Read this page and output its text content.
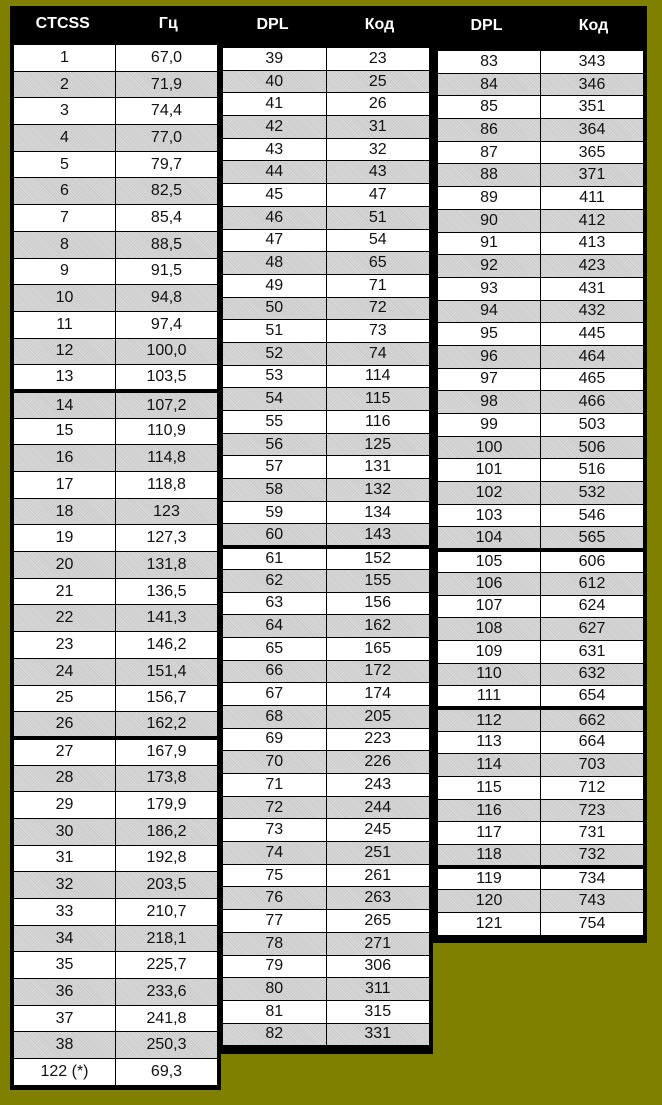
CTCSS	Гц
1	67,0
2	71,9
3	74,4
4	77,0
5	79,7
6	82,5
7	85,4
8	88,5
9	91,5
10	94,8
11	97,4
12	100,0
13	103,5
14	107,2
15	110,9
16	114,8
17	118,8
18	123
19	127,3
20	131,8
21	136,5
22	141,3
23	146,2
24	151,4
25	156,7
26	162,2
27	167,9
28	173,8
29	179,9
30	186,2
31	192,8
32	203,5
33	210,7
34	218,1
35	225,7
36	233,6
37	241,8
38	250,3
122 (*)	69,3
DPL	Код
39	23
40	25
41	26
42	31
43	32
44	43
45	47
46	51
47	54
48	65
49	71
50	72
51	73
52	74
53	114
54	115
55	116
56	125
57	131
58	132
59	134
60	143
61	152
62	155
63	156
64	162
65	165
66	172
67	174
68	205
69	223
70	226
71	243
72	244
73	245
74	251
75	261
76	263
77	265
78	271
79	306
80	311
81	315
82	331
DPL	Код
83	343
84	346
85	351
86	364
87	365
88	371
89	411
90	412
91	413
92	423
93	431
94	432
95	445
96	464
97	465
98	466
99	503
100	506
101	516
102	532
103	546
104	565
105	606
106	612
107	624
108	627
109	631
110	632
111	654
112	662
113	664
114	703
115	712
116	723
117	731
118	732
119	734
120	743
121	754
